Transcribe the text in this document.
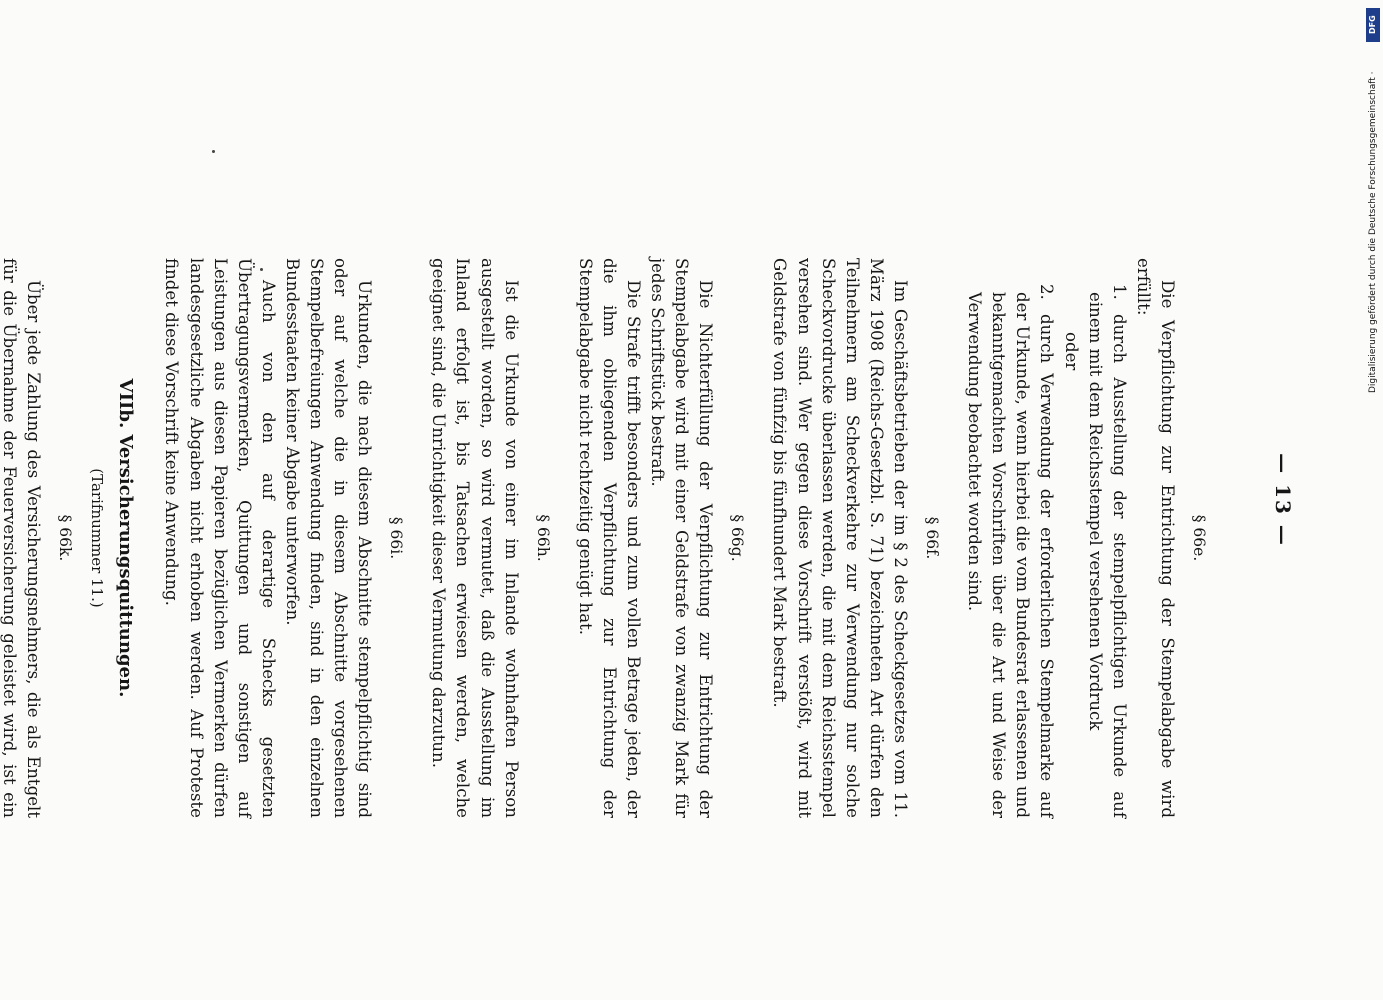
— 13 —
§ 66e.

Die Verpflichtung zur Entrichtung der Stempelabgabe wird erfüllt:

1.
durch Ausstellung der stempelpflichtigen Urkunde auf einem mit dem Reichsstempel versehenen Vordruck

oder

2.
durch Verwendung der erforderlichen Stempelmarke auf der Urkunde, wenn hierbei die vom Bundesrat erlassenen und bekanntgemachten Vorschriften über die Art und Weise der Verwendung beobachtet worden sind.

§ 66f.

Im Geschäftsbetrieben der im § 2 des Scheckgesetzes vom 11. März 1908 (Reichs-Gesetzbl. S. 71) bezeichneten Art dürfen den Teilnehmern am Scheckverkehre zur Verwendung nur solche Scheckvordrucke überlassen werden, die mit dem Reichsstempel versehen sind. Wer gegen diese Vorschrift verstößt, wird mit Geldstrafe von fünfzig bis fünfhundert Mark bestraft.

§ 66g.

Die Nichterfüllung der Verpflichtung zur Entrichtung der Stempelabgabe wird mit einer Geldstrafe von zwanzig Mark für jedes Schriftstück bestraft.

Die Strafe trifft besonders und zum vollen Betrage jeden, der die ihm obliegenden Verpflichtung zur Entrichtung der Stempelabgabe nicht rechtzeitig genügt hat.

§ 66h.

Ist die Urkunde von einer im Inlande wohnhaften Person ausgestellt worden, so wird vermutet, daß die Ausstellung im Inland erfolgt ist, bis Tatsachen erwiesen werden, welche geeignet sind, die Unrichtigkeit dieser Vermutung darzutun.

§ 66i.

Urkunden, die nach diesem Abschnitte stempelpflichtig sind oder auf welche die in diesem Abschnitte vorgesehenen Stempelbefreiungen Anwendung finden, sind in den einzelnen Bundesstaaten keiner Abgabe unterworfen.

Auch von den auf derartige Schecks gesetzten Übertragungsvermerken, Quittungen und sonstigen auf Leistungen aus diesen Papieren bezüglichen Vermerken dürfen landesgesetzliche Abgaben nicht erhoben werden. Auf Proteste findet diese Vorschrift keine Anwendung.

VIIb. Versicherungsquittungen.
(Tarifnummer 11.)
§ 66k.

Über jede Zahlung des Versicherungsnehmers, die als Entgelt für die Übernahme der Feuerversicherung geleistet wird, ist ein

DFG
Digitalisierung gefördert durch die Deutsche Forschungsgemeinschaft ·
